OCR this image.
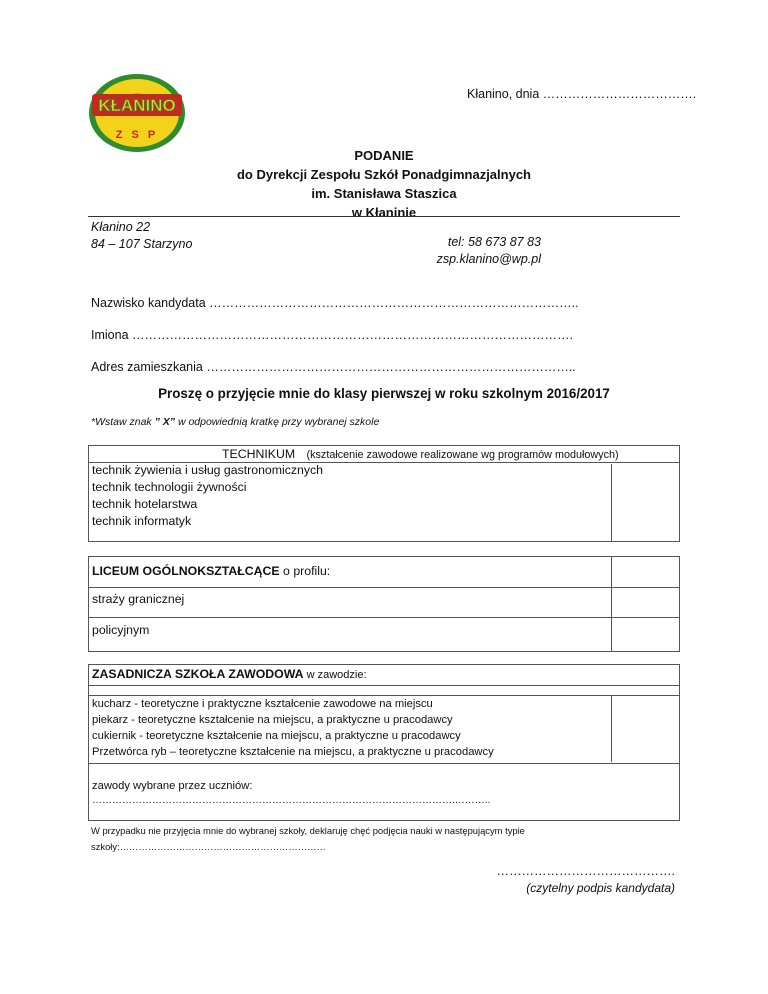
KŁANINO
Z S P
Kłanino, dnia ……………………………….
PODANIE
do Dyrekcji Zespołu Szkół Ponadgimnazjalnych
im. Stanisława Staszica
w Kłaninie
Kłanino 22
84 – 107 Starzyno	tel: 58 673 87 83
zsp.klanino@wp.pl
Nazwisko kandydata ……………………………………………………………………………..
Imiona …………………………………………………………………………………………….
Adres zamieszkania ……………………………………………………………………………..
Proszę o przyjęcie mnie do klasy pierwszej w roku szkolnym 2016/2017
*Wstaw znak ” X” w odpowiednią kratkę przy wybranej szkole
TECHNIKUM (kształcenie zawodowe realizowane wg programów modułowych)
technik żywienia i usług gastronomicznych
technik technologii żywności
technik hotelarstwa
technik informatyk
LICEUM OGÓLNOKSZTAŁCĄCE o profilu:
straży granicznej
policyjnym
ZASADNICZA SZKOŁA ZAWODOWA w zawodzie:
kucharz - teoretyczne i praktyczne kształcenie zawodowe na miejscu
piekarz - teoretyczne kształcenie na miejscu, a praktyczne u pracodawcy
cukiernik - teoretyczne kształcenie na miejscu, a praktyczne u pracodawcy
Przetwórca ryb – teoretyczne kształcenie na miejscu, a praktyczne u pracodawcy
zawody wybrane przez uczniów:
……………………………………………………………………………………………….………..
W przypadku nie przyjęcia mnie do wybranej szkoły, deklaruję chęć podjęcia nauki w następującym typie
szkoły:…………………………………………………………
…………………………………….
(czytelny podpis kandydata)
